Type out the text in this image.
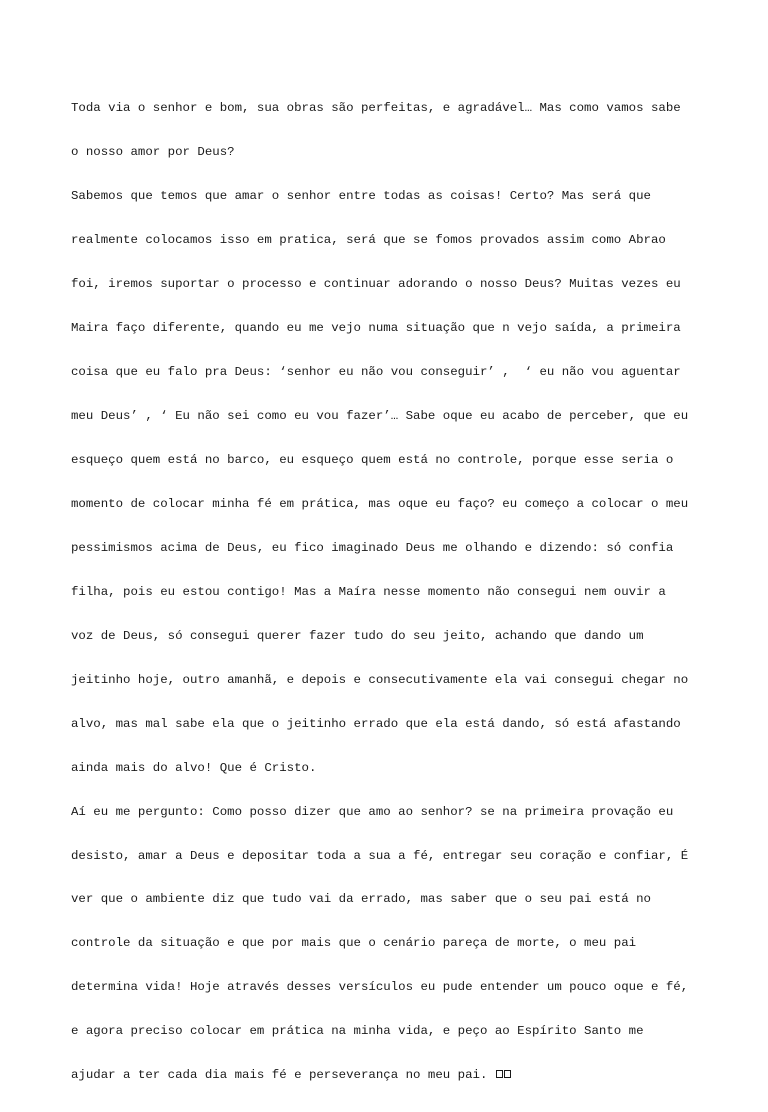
Toda via o senhor e bom, sua obras são perfeitas, e agradável… Mas como vamos sabe

o nosso amor por Deus?

Sabemos que temos que amar o senhor entre todas as coisas! Certo? Mas será que

realmente colocamos isso em pratica, será que se fomos provados assim como Abrao

foi, iremos suportar o processo e continuar adorando o nosso Deus? Muitas vezes eu

Maira faço diferente, quando eu me vejo numa situação que n vejo saída, a primeira

coisa que eu falo pra Deus: ‘senhor eu não vou conseguir’ ,  ‘ eu não vou aguentar

meu Deus’ , ‘ Eu não sei como eu vou fazer’… Sabe oque eu acabo de perceber, que eu

esqueço quem está no barco, eu esqueço quem está no controle, porque esse seria o

momento de colocar minha fé em prática, mas oque eu faço? eu começo a colocar o meu

pessimismos acima de Deus, eu fico imaginado Deus me olhando e dizendo: só confia

filha, pois eu estou contigo! Mas a Maíra nesse momento não consegui nem ouvir a

voz de Deus, só consegui querer fazer tudo do seu jeito, achando que dando um

jeitinho hoje, outro amanhã, e depois e consecutivamente ela vai consegui chegar no

alvo, mas mal sabe ela que o jeitinho errado que ela está dando, só está afastando

ainda mais do alvo! Que é Cristo.

Aí eu me pergunto: Como posso dizer que amo ao senhor? se na primeira provação eu

desisto, amar a Deus e depositar toda a sua a fé, entregar seu coração e confiar, É

ver que o ambiente diz que tudo vai da errado, mas saber que o seu pai está no

controle da situação e que por mais que o cenário pareça de morte, o meu pai

determina vida! Hoje através desses versículos eu pude entender um pouco oque e fé,

e agora preciso colocar em prática na minha vida, e peço ao Espírito Santo me

ajudar a ter cada dia mais fé e perseverança no meu pai.
